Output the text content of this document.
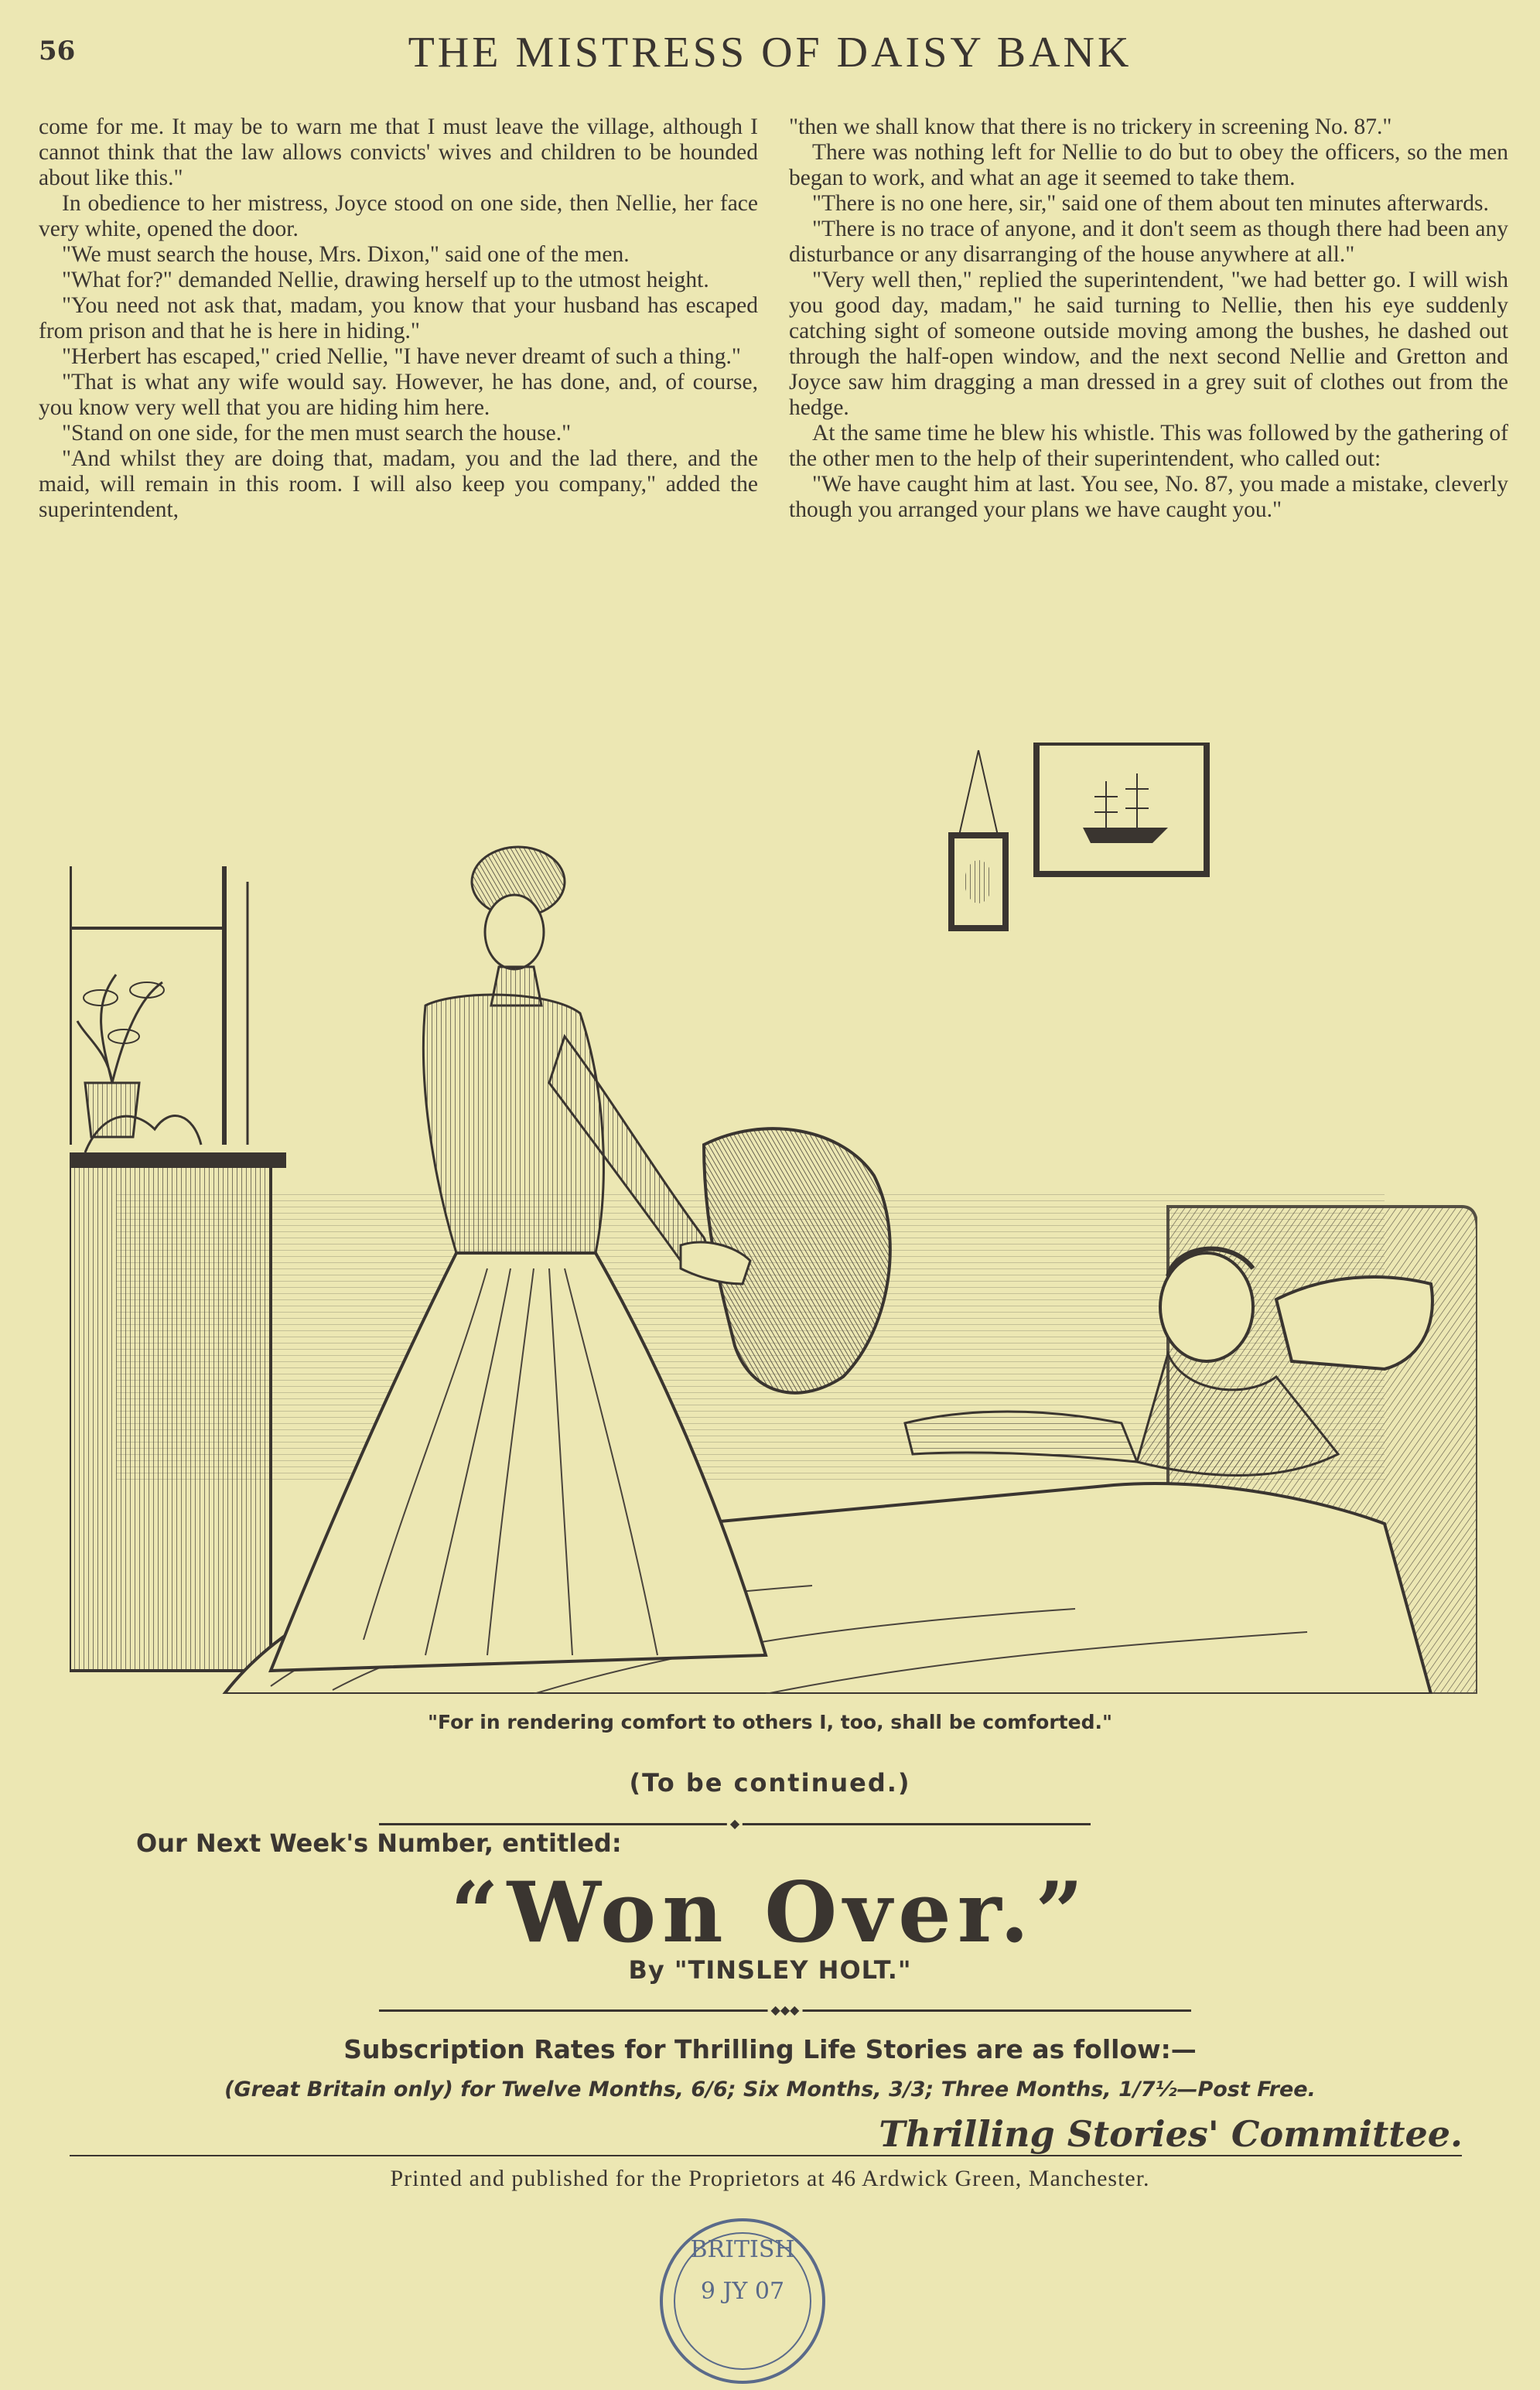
56	THE MISTRESS OF DAISY BANK

come for me. It may be to warn me that I must leave the village, although I cannot think that the law allows convicts' wives and children to be hounded about like this."

In obedience to her mistress, Joyce stood on one side, then Nellie, her face very white, opened the door.

"We must search the house, Mrs. Dixon," said one of the men.

"What for?" demanded Nellie, drawing herself up to the utmost height.

"You need not ask that, madam, you know that your husband has escaped from prison and that he is here in hiding."

"Herbert has escaped," cried Nellie, "I have never dreamt of such a thing."

"That is what any wife would say. However, he has done, and, of course, you know very well that you are hiding him here.

"Stand on one side, for the men must search the house."

"And whilst they are doing that, madam, you and the lad there, and the maid, will remain in this room. I will also keep you company," added the superintendent,

"then we shall know that there is no trickery in screening No. 87."

There was nothing left for Nellie to do but to obey the officers, so the men began to work, and what an age it seemed to take them.

"There is no one here, sir," said one of them about ten minutes afterwards.

"There is no trace of anyone, and it don't seem as though there had been any disturbance or any disarranging of the house anywhere at all."

"Very well then," replied the superintendent, "we had better go. I will wish you good day, madam," he said turning to Nellie, then his eye suddenly catching sight of someone outside moving among the bushes, he dashed out through the half-open window, and the next second Nellie and Gretton and Joyce saw him dragging a man dressed in a grey suit of clothes out from the hedge.

At the same time he blew his whistle. This was followed by the gathering of the other men to the help of their superintendent, who called out:

"We have caught him at last. You see, No. 87, you made a mistake, cleverly though you arranged your plans we have caught you."

"For in rendering comfort to others I, too, shall be comforted."
(To be continued.)
◆
Our Next Week's Number, entitled:
“Won Over.”
By "TINSLEY HOLT."
◆◆◆
Subscription Rates for Thrilling Life Stories are as follow:—
(Great Britain only) for Twelve Months, 6/6; Six Months, 3/3; Three Months, 1/7½—Post Free.
Thrilling Stories' Committee.
Printed and published for the Proprietors at 46 Ardwick Green, Manchester.
BRITISH
9 JY 07
